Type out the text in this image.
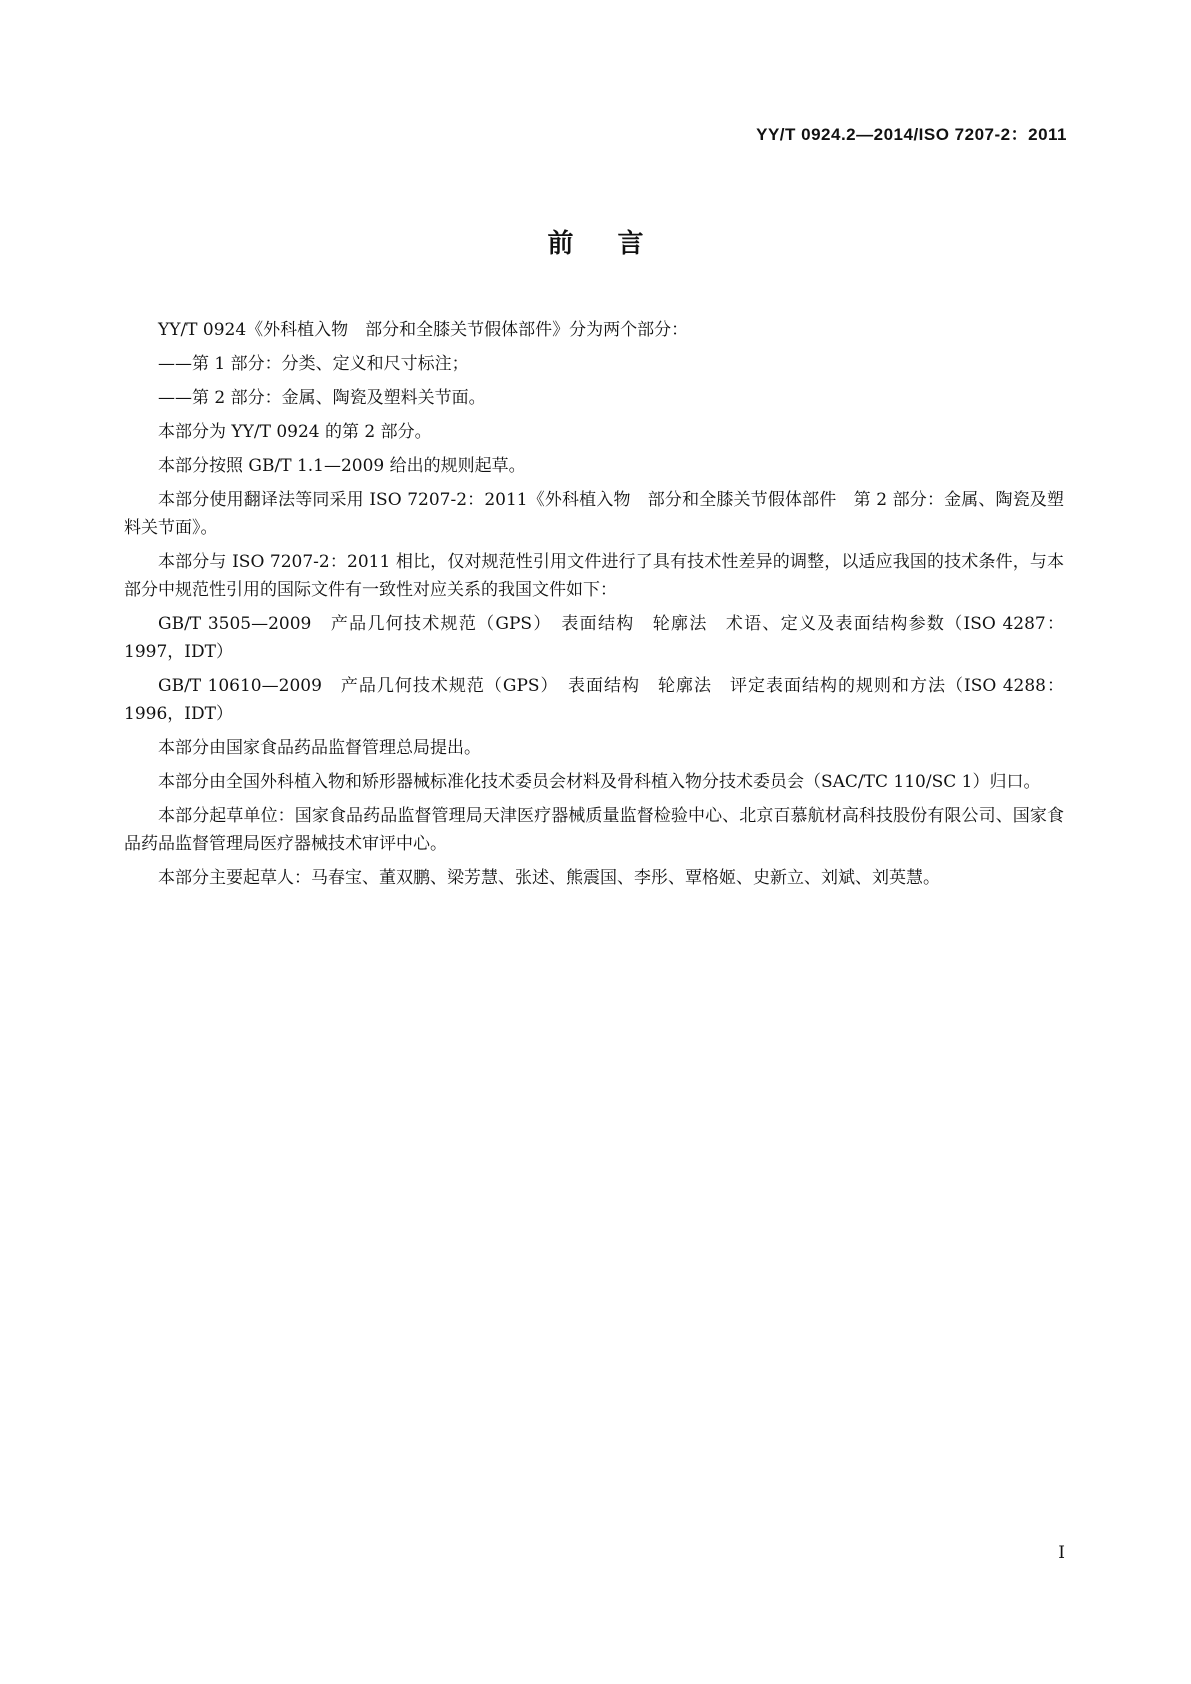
YY/T 0924.2—2014/ISO 7207-2：2011
前言

YY/T 0924《外科植入物　部分和全膝关节假体部件》分为两个部分：

——第 1 部分：分类、定义和尺寸标注；

——第 2 部分：金属、陶瓷及塑料关节面。

本部分为 YY/T 0924 的第 2 部分。

本部分按照 GB/T 1.1—2009 给出的规则起草。

本部分使用翻译法等同采用 ISO 7207-2：2011《外科植入物　部分和全膝关节假体部件　第 2 部分：金属、陶瓷及塑料关节面》。

本部分与 ISO 7207-2：2011 相比，仅对规范性引用文件进行了具有技术性差异的调整，以适应我国的技术条件，与本部分中规范性引用的国际文件有一致性对应关系的我国文件如下：

GB/T 3505—2009　产品几何技术规范（GPS）　表面结构　轮廓法　术语、定义及表面结构参数（ISO 4287：1997，IDT）

GB/T 10610—2009　产品几何技术规范（GPS）　表面结构　轮廓法　评定表面结构的规则和方法（ISO 4288：1996，IDT）

本部分由国家食品药品监督管理总局提出。

本部分由全国外科植入物和矫形器械标准化技术委员会材料及骨科植入物分技术委员会（SAC/TC 110/SC 1）归口。

本部分起草单位：国家食品药品监督管理局天津医疗器械质量监督检验中心、北京百慕航材高科技股份有限公司、国家食品药品监督管理局医疗器械技术审评中心。

本部分主要起草人：马春宝、董双鹏、梁芳慧、张述、熊震国、李彤、覃格姬、史新立、刘斌、刘英慧。

I
